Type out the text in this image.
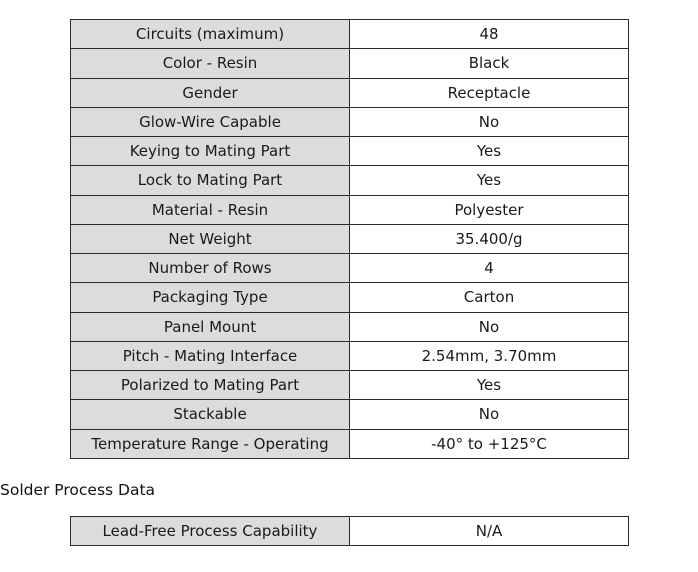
Circuits (maximum)	48
Color - Resin	Black
Gender	Receptacle
Glow-Wire Capable	No
Keying to Mating Part	Yes
Lock to Mating Part	Yes
Material - Resin	Polyester
Net Weight	35.400/g
Number of Rows	4
Packaging Type	Carton
Panel Mount	No
Pitch - Mating Interface	2.54mm, 3.70mm
Polarized to Mating Part	Yes
Stackable	No
Temperature Range - Operating	-40° to +125°C
Solder Process Data
Lead-Free Process Capability	N/A
